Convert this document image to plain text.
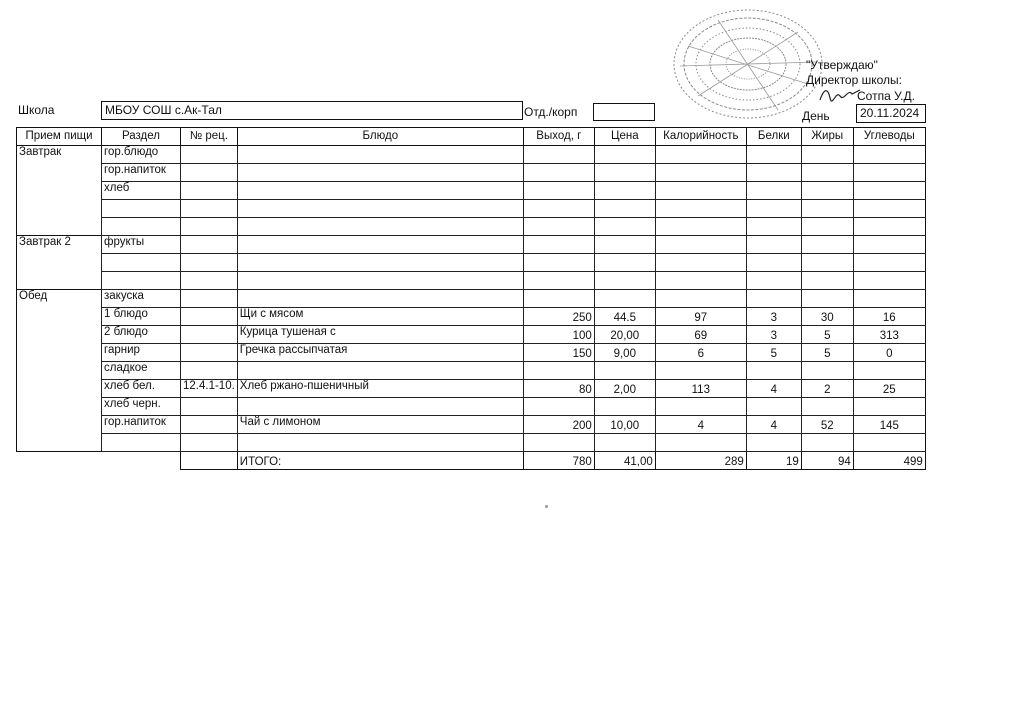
"Утверждаю"
Директор школы:
Сотпа У.Д.
День	20.11.2024
Школа	МБОУ СОШ с.Ак-Тал	Отд./корп
Прием пищи	Раздел	№ рец.	Блюдо	Выход, г	Цена	Калорийность	Белки	Жиры	Углеводы
Завтрак	гор.блюдо								
	гор.напиток								
	хлеб								

Завтрак 2	фрукты								

Обед	закуска								
	1 блюдо		Щи с мясом	250	44.5	97	3	30	16
	2 блюдо		Курица тушеная с	100	20,00	69	3	5	313
	гарнир		Гречка рассыпчатая	150	9,00	6	5	5	0
	сладкое								
	хлеб бел.	12.4.1-10.	Хлеб ржано-пшеничный	80	2,00	113	4	2	25
	хлеб черн.								
	гор.напиток		Чай с лимоном	200	10,00	4	4	52	145

			ИТОГО:	780	41,00	289	19	94	499
